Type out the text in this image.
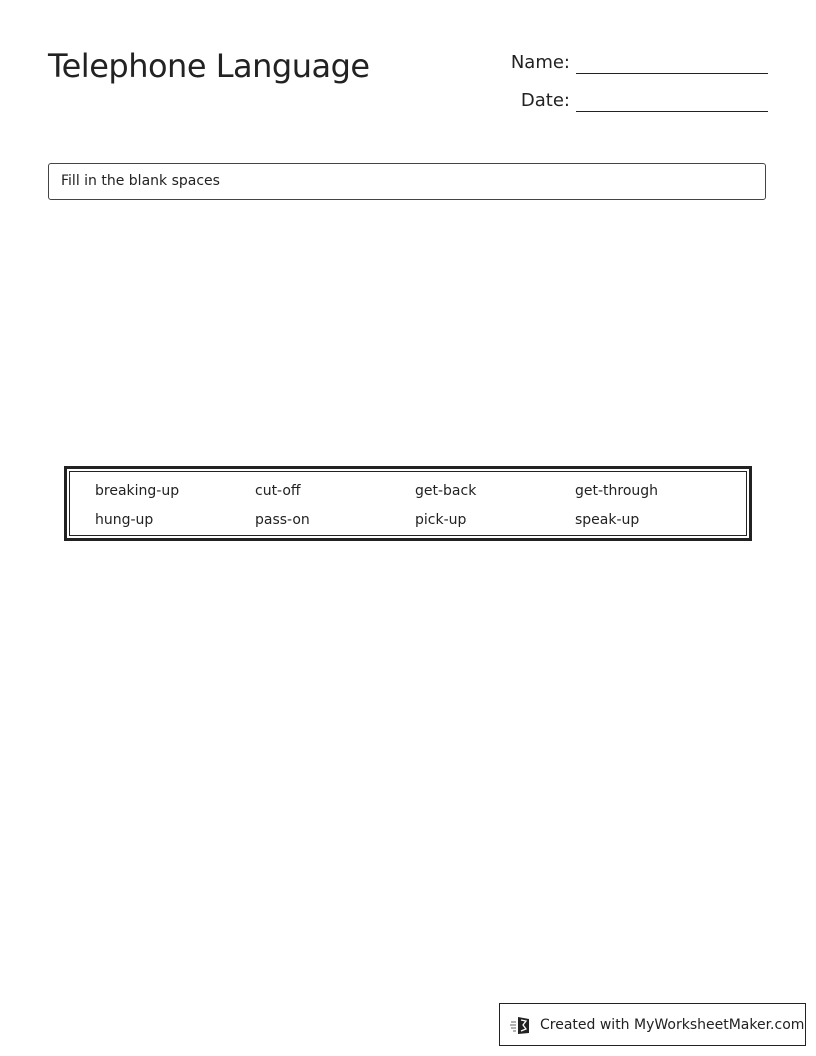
Telephone Language	Name:
Date:
Fill in the blank spaces
breaking-up	cut-off	get-back	get-through
hung-up	pass-on	pick-up	speak-up
Created with MyWorksheetMaker.com
